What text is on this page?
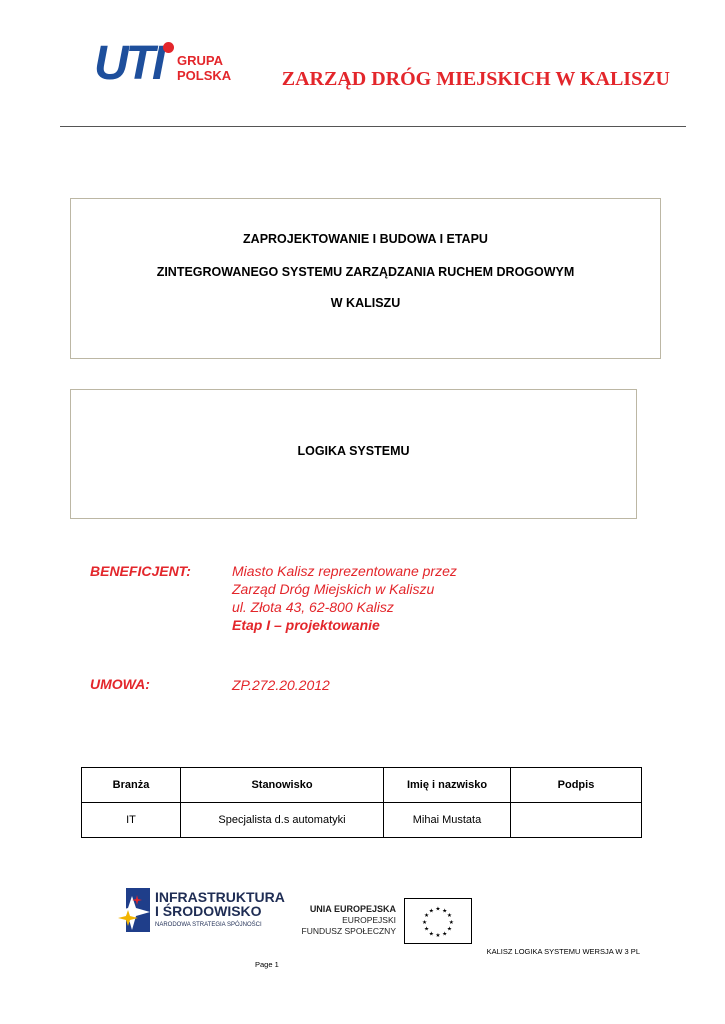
UTI GRUPA
POLSKA	ZARZĄD DRÓG MIEJSKICH W KALISZU
ZAPROJEKTOWANIE I BUDOWA I ETAPU
ZINTEGROWANEGO SYSTEMU ZARZĄDZANIA RUCHEM DROGOWYM
W KALISZU
LOGIKA SYSTEMU
BENEFICJENT:	Miasto Kalisz reprezentowane przez
Zarząd Dróg Miejskich w Kaliszu
ul. Złota 43, 62-800 Kalisz
Etap I – projektowanie
UMOWA:	ZP.272.20.2012
Branża	Stanowisko	Imię i nazwisko	Podpis
IT	Specjalista d.s automatyki	Mihai Mustata	
INFRASTRUKTURA
I ŚRODOWISKO
NARODOWA STRATEGIA SPÓJNOŚCI
UNIA EUROPEJSKA
EUROPEJSKI
FUNDUSZ SPOŁECZNY
★ ★
★
★
★
★
★
★
★
★
★
★
KALISZ LOGIKA SYSTEMU WERSJA W 3 PL
Page 1
